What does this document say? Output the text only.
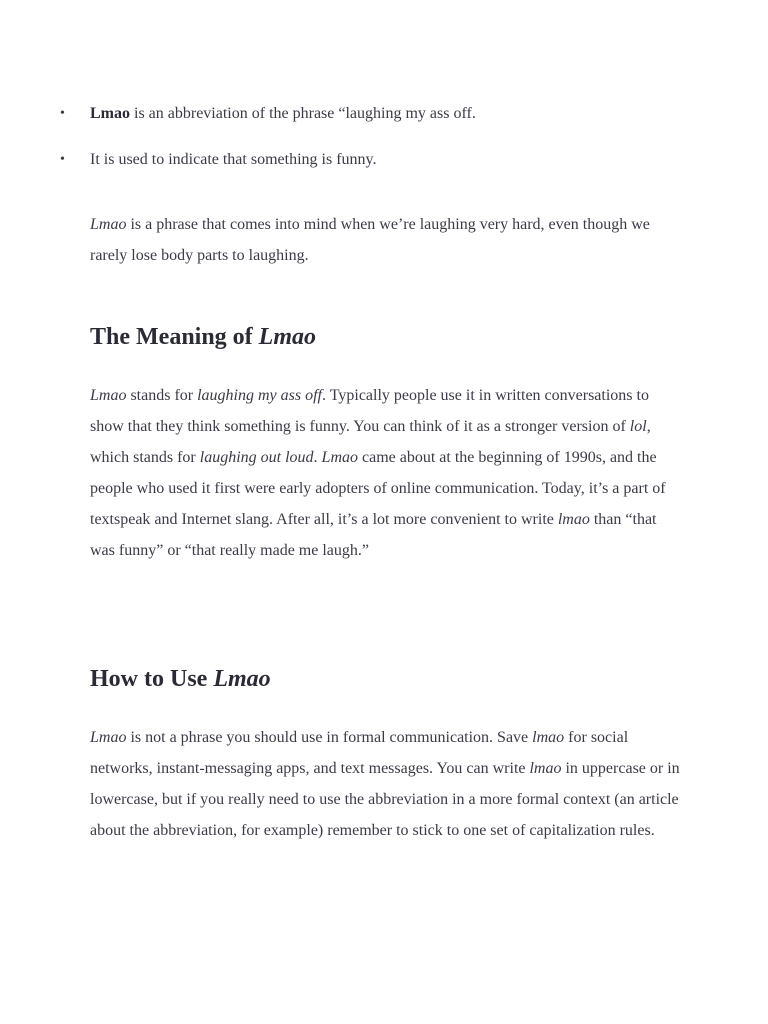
• Lmao is an abbreviation of the phrase “laughing my ass off.
• It is used to indicate that something is funny.

Lmao is a phrase that comes into mind when we’re laughing very hard, even though we rarely lose body parts to laughing.

The Meaning of Lmao

Lmao stands for laughing my ass off. Typically people use it in written conversations to show that they think something is funny. You can think of it as a stronger version of lol, which stands for laughing out loud. Lmao came about at the beginning of 1990s, and the people who used it first were early adopters of online communication. Today, it’s a part of textspeak and Internet slang. After all, it’s a lot more convenient to write lmao than “that was funny” or “that really made me laugh.”

How to Use Lmao

Lmao is not a phrase you should use in formal communication. Save lmao for social networks, instant-messaging apps, and text messages. You can write lmao in uppercase or in lowercase, but if you really need to use the abbreviation in a more formal context (an article about the abbreviation, for example) remember to stick to one set of capitalization rules.
